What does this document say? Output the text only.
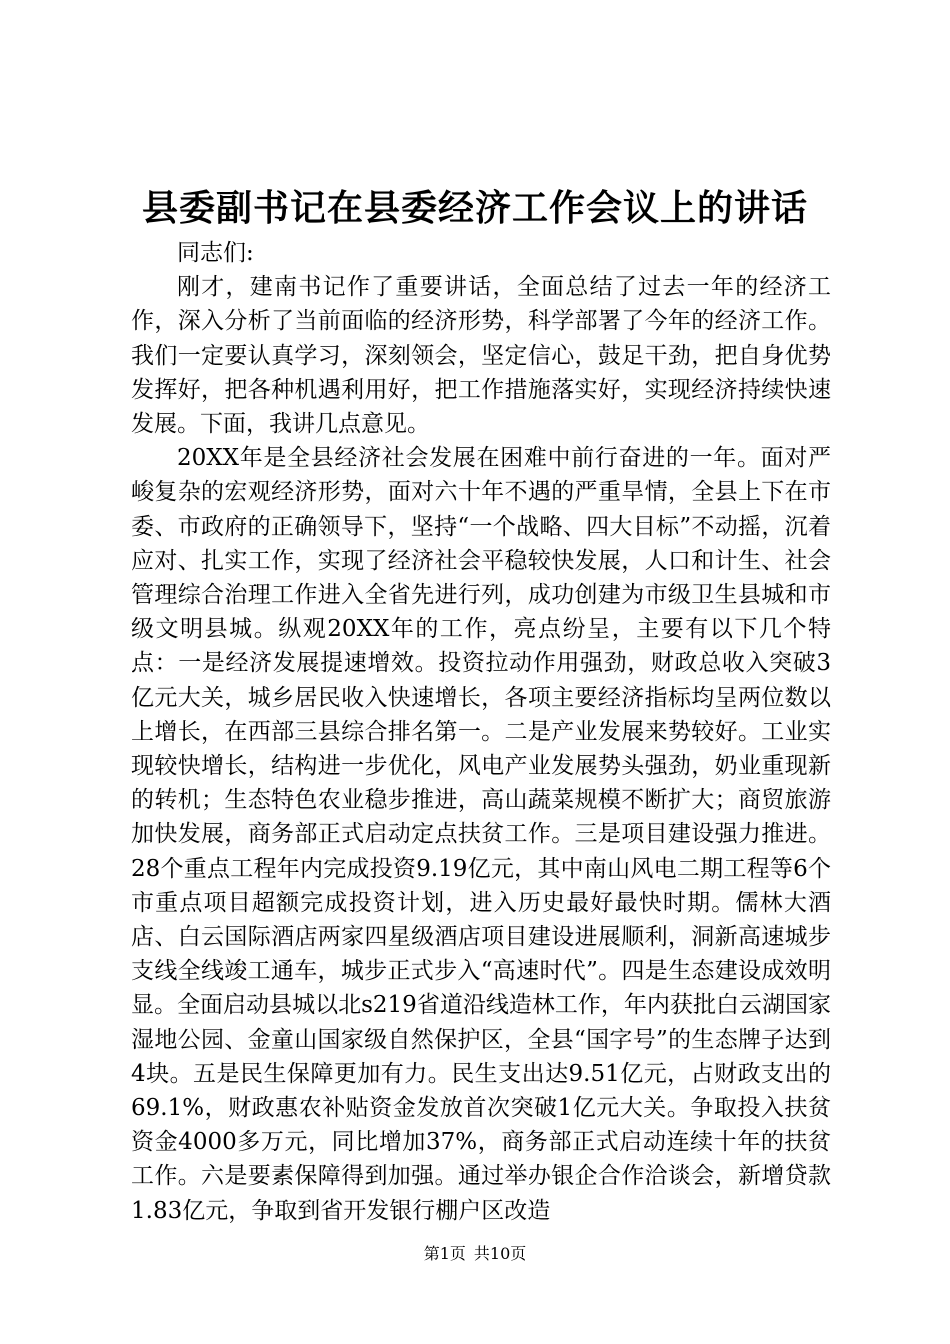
县委副书记在县委经济工作会议上的讲话

同志们:

刚才，建南书记作了重要讲话，全面总结了过去一年的经济工作，深入分析了当前面临的经济形势，科学部署了今年的经济工作。我们一定要认真学习，深刻领会，坚定信心，鼓足干劲，把自身优势发挥好，把各种机遇利用好，把工作措施落实好，实现经济持续快速发展。下面，我讲几点意见。

20XX年是全县经济社会发展在困难中前行奋进的一年。面对严峻复杂的宏观经济形势，面对六十年不遇的严重旱情，全县上下在市委、市政府的正确领导下，坚持“一个战略、四大目标”不动摇，沉着应对、扎实工作，实现了经济社会平稳较快发展，人口和计生、社会管理综合治理工作进入全省先进行列，成功创建为市级卫生县城和市级文明县城。纵观20XX年的工作，亮点纷呈，主要有以下几个特点：一是经济发展提速增效。投资拉动作用强劲，财政总收入突破3亿元大关，城乡居民收入快速增长，各项主要经济指标均呈两位数以上增长，在西部三县综合排名第一。二是产业发展来势较好。工业实现较快增长，结构进一步优化，风电产业发展势头强劲，奶业重现新的转机；生态特色农业稳步推进，高山蔬菜规模不断扩大；商贸旅游加快发展，商务部正式启动定点扶贫工作。三是项目建设强力推进。28个重点工程年内完成投资9.19亿元，其中南山风电二期工程等6个市重点项目超额完成投资计划，进入历史最好最快时期。儒林大酒店、白云国际酒店两家四星级酒店项目建设进展顺利，洞新高速城步支线全线竣工通车，城步正式步入“高速时代”。四是生态建设成效明显。全面启动县城以北s219省道沿线造林工作，年内获批白云湖国家湿地公园、金童山国家级自然保护区，全县“国字号”的生态牌子达到4块。五是民生保障更加有力。民生支出达9.51亿元，占财政支出的69.1%，财政惠农补贴资金发放首次突破1亿元大关。争取投入扶贫资金4000多万元，同比增加37%，商务部正式启动连续十年的扶贫工作。六是要素保障得到加强。通过举办银企合作洽谈会，新增贷款1.83亿元，争取到省开发银行棚户区改造

第1页 共10页
